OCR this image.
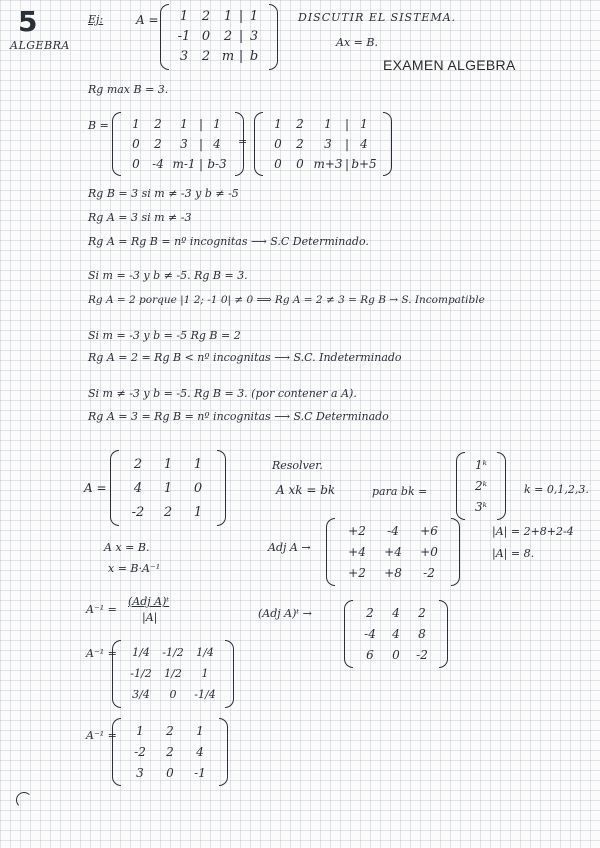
5
ALGEBRA
EXAMEN ALGEBRA
Ej:	A = 1 2 1 | 1
-1 0 2 | 3
3 2 m | b
DISCUTIR EL SISTEMA.
Ax = B.
Rg max B = 3.
B = 1 2 1 | 1
0 2 3 | 4
0 -4 m-1 | b-3
=
1 2 1 | 1
0 2 3 | 4
0 0 m+3 | b+5
Rg B = 3 si m ≠ -3 y b ≠ -5
Rg A = 3 si m ≠ -3
Rg A = Rg B = nº incognitas ⟶ S.C Determinado.
Si m = -3 y b ≠ -5. Rg B = 3.
Rg A = 2 porque |1 2; -1 0| ≠ 0 ⟹ Rg A = 2 ≠ 3 = Rg B → S. Incompatible
Si m = -3 y b = -5 Rg B = 2
Rg A = 2 = Rg B < nº incognitas ⟶ S.C. Indeterminado
Si m ≠ -3 y b = -5. Rg B = 3. (por contener a A).
Rg A = 3 = Rg B = nº incognitas ⟶ S.C Determinado
A =
2 1 1
4 1 0
-2 2 1
Resolver.
A xk = bk	para bk =
1ᵏ
2ᵏ
3ᵏ
k = 0,1,2,3.
A x = B.
x = B·A⁻¹
Adj A →
+2 -4 +6
+4 +4 +0
+2 +8 -2
|A| = 2+8+2-4
|A| = 8.
A⁻¹ =
(Adj A)ᵗ
|A|	(Adj A)ᵗ →	2 4 2
-4 4 8
6 0 -2
A⁻¹ = 1/4 -1/2 1/4
-1/2 1/2 1
3/4 0 -1/4
A⁻¹ = 1 2 1
-2 2 4
3 0 -1
